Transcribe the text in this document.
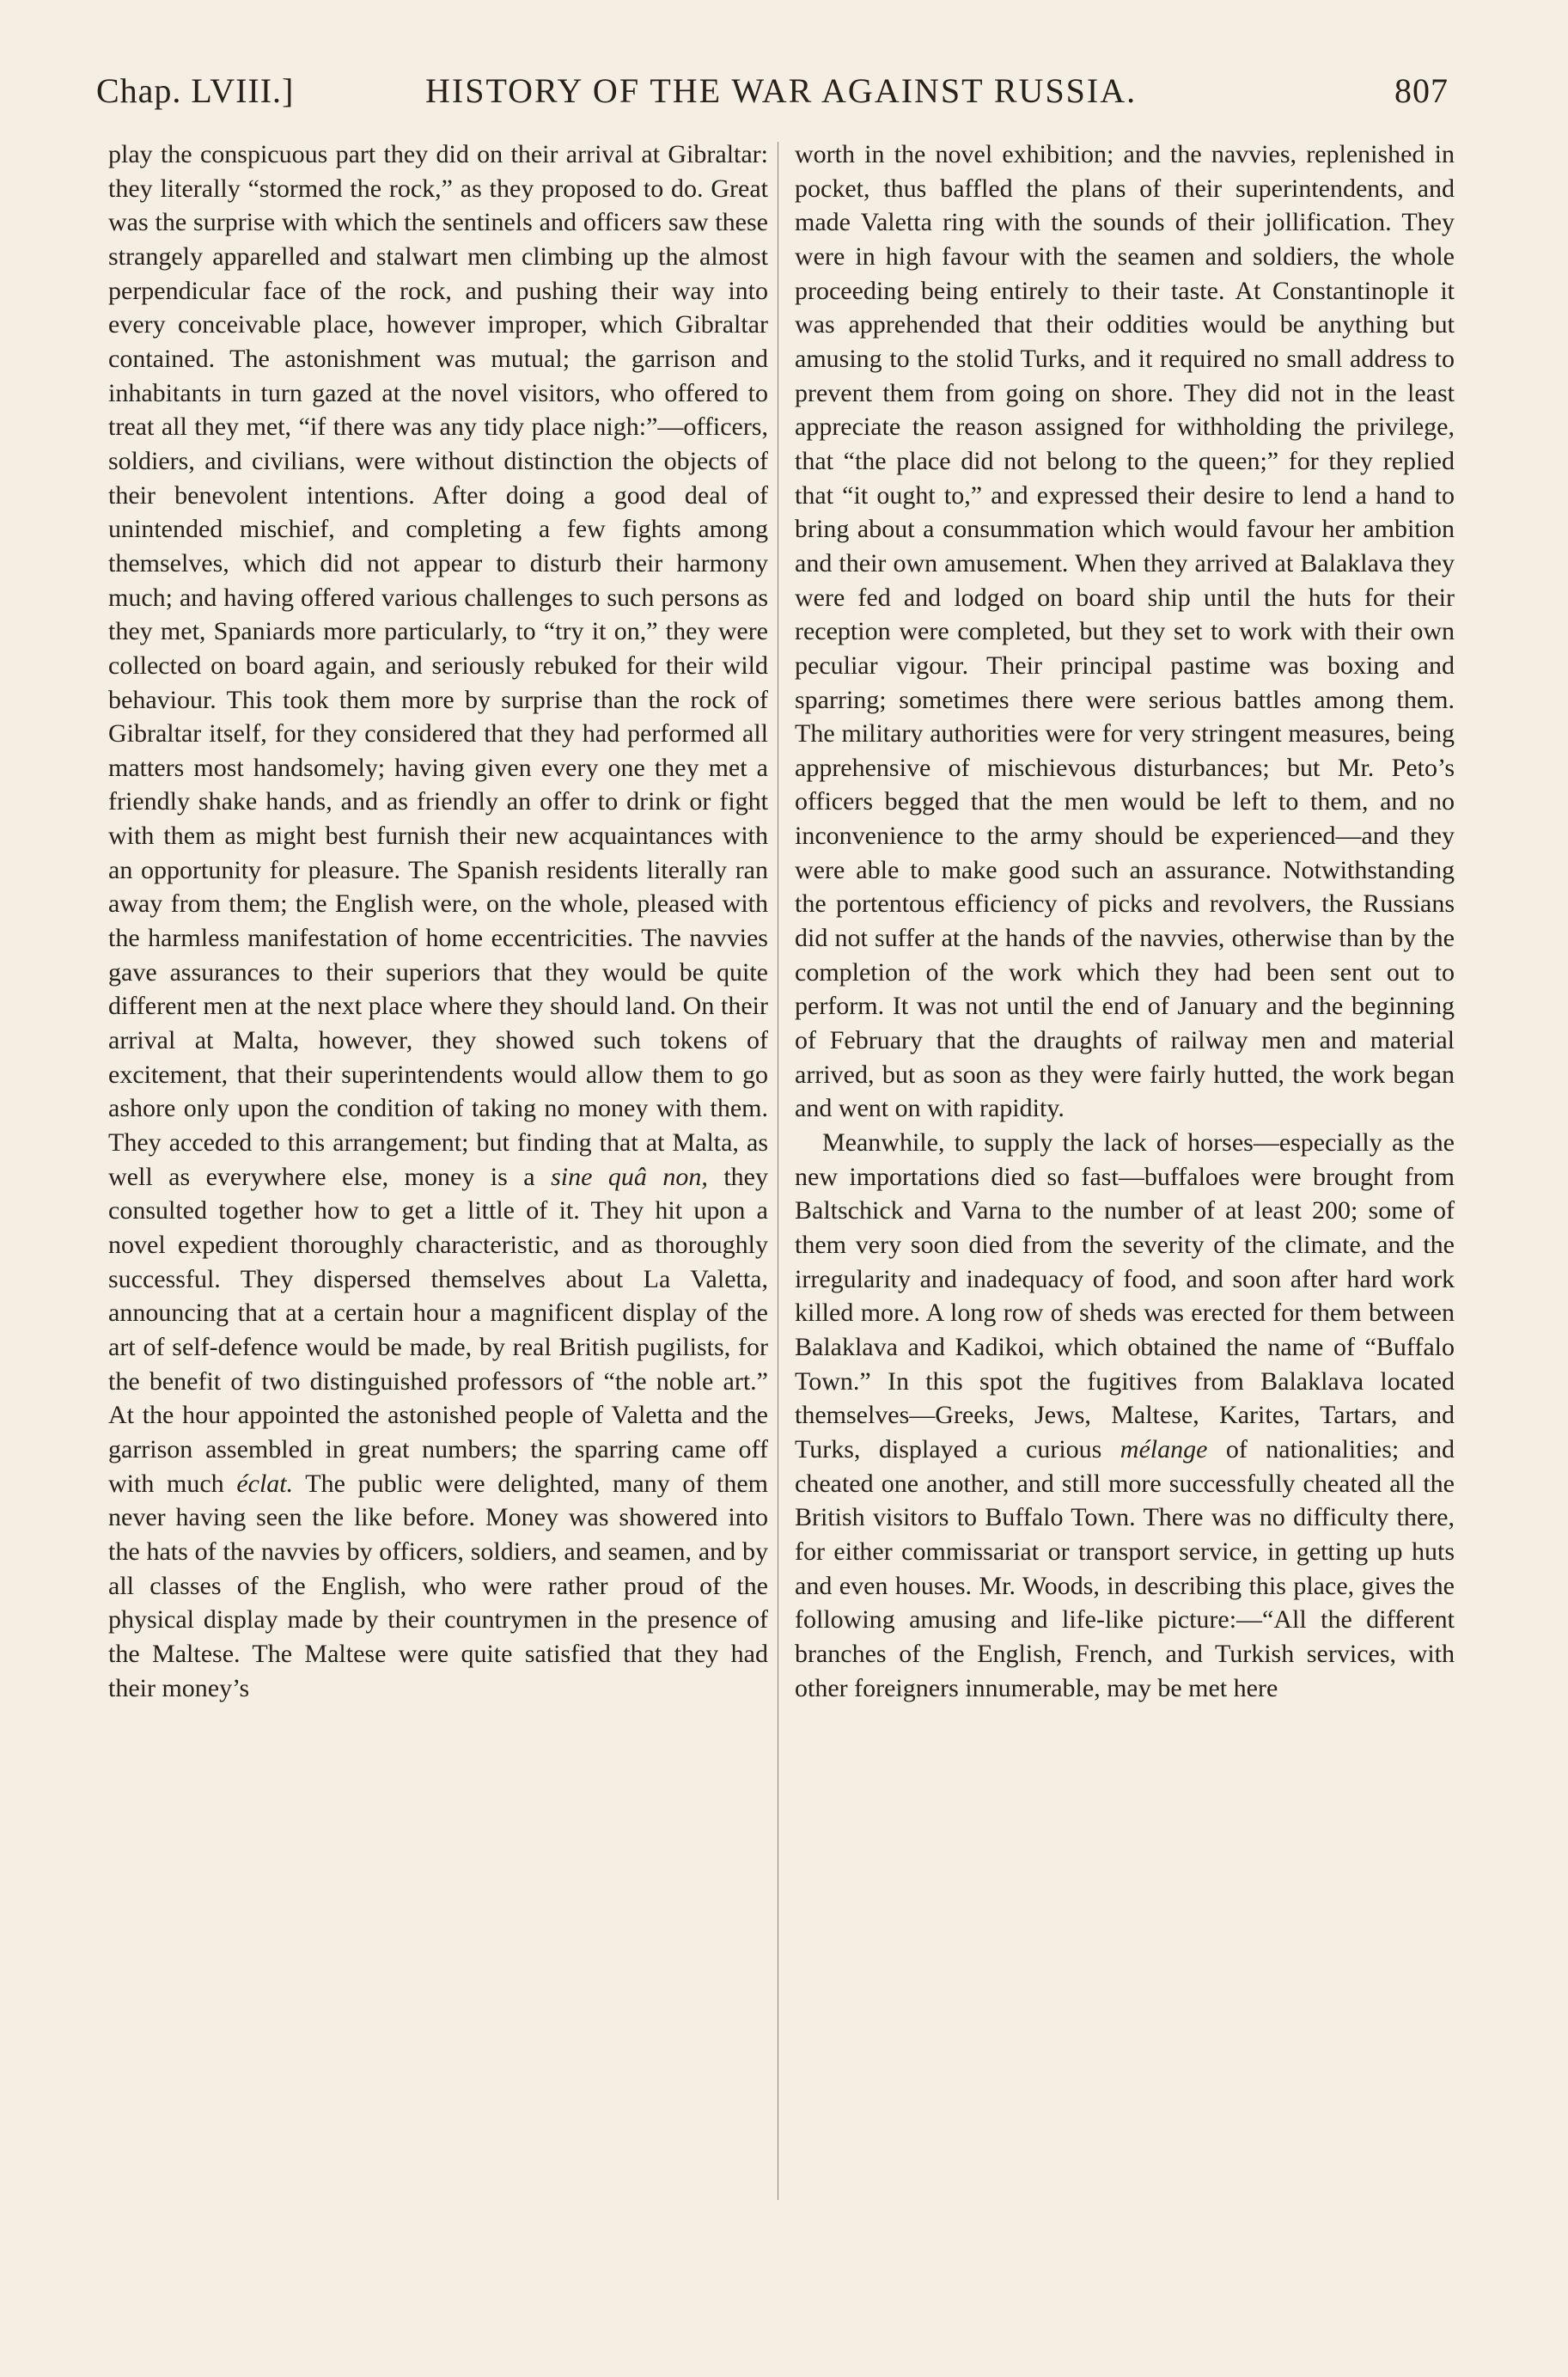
Chap. LVIII.]	HISTORY OF THE WAR AGAINST RUSSIA.	807

play the conspicuous part they did on their arrival at Gibraltar: they literally “stormed the rock,” as they proposed to do. Great was the surprise with which the sentinels and officers saw these strangely apparelled and stalwart men climbing up the almost perpendicular face of the rock, and pushing their way into every conceivable place, however improper, which Gibraltar contained. The astonishment was mutual; the garrison and inhabitants in turn gazed at the novel visitors, who offered to treat all they met, “if there was any tidy place nigh:”—officers, soldiers, and civilians, were without distinction the objects of their benevolent intentions. After doing a good deal of unintended mischief, and completing a few fights among themselves, which did not appear to disturb their harmony much; and having offered various challenges to such persons as they met, Spaniards more particularly, to “try it on,” they were collected on board again, and seriously rebuked for their wild behaviour. This took them more by surprise than the rock of Gibraltar itself, for they considered that they had performed all matters most handsomely; having given every one they met a friendly shake hands, and as friendly an offer to drink or fight with them as might best furnish their new acquaintances with an opportunity for pleasure. The Spanish residents literally ran away from them; the English were, on the whole, pleased with the harmless manifestation of home eccentricities. The navvies gave assurances to their superiors that they would be quite different men at the next place where they should land. On their arrival at Malta, however, they showed such tokens of excitement, that their superintendents would allow them to go ashore only upon the condition of taking no money with them. They acceded to this arrangement; but finding that at Malta, as well as everywhere else, money is a sine quâ non, they consulted together how to get a little of it. They hit upon a novel expedient thoroughly characteristic, and as thoroughly successful. They dispersed themselves about La Valetta, announcing that at a certain hour a magnificent display of the art of self-defence would be made, by real British pugilists, for the benefit of two distinguished professors of “the noble art.” At the hour appointed the astonished people of Valetta and the garrison assembled in great numbers; the sparring came off with much éclat. The public were delighted, many of them never having seen the like before. Money was showered into the hats of the navvies by officers, soldiers, and seamen, and by all classes of the English, who were rather proud of the physical display made by their countrymen in the presence of the Maltese. The Maltese were quite satisfied that they had their money’s

worth in the novel exhibition; and the navvies, replenished in pocket, thus baffled the plans of their superintendents, and made Valetta ring with the sounds of their jollification. They were in high favour with the seamen and soldiers, the whole proceeding being entirely to their taste. At Constantinople it was apprehended that their oddities would be anything but amusing to the stolid Turks, and it required no small address to prevent them from going on shore. They did not in the least appreciate the reason assigned for withholding the privilege, that “the place did not belong to the queen;” for they replied that “it ought to,” and expressed their desire to lend a hand to bring about a consummation which would favour her ambition and their own amusement. When they arrived at Balaklava they were fed and lodged on board ship until the huts for their reception were completed, but they set to work with their own peculiar vigour. Their principal pastime was boxing and sparring; sometimes there were serious battles among them. The military authorities were for very stringent measures, being apprehensive of mischievous disturbances; but Mr. Peto’s officers begged that the men would be left to them, and no inconvenience to the army should be experienced—and they were able to make good such an assurance. Notwithstanding the portentous efficiency of picks and revolvers, the Russians did not suffer at the hands of the navvies, otherwise than by the completion of the work which they had been sent out to perform. It was not until the end of January and the beginning of February that the draughts of railway men and material arrived, but as soon as they were fairly hutted, the work began and went on with rapidity.

Meanwhile, to supply the lack of horses—especially as the new importations died so fast—buffaloes were brought from Baltschick and Varna to the number of at least 200; some of them very soon died from the severity of the climate, and the irregularity and inadequacy of food, and soon after hard work killed more. A long row of sheds was erected for them between Balaklava and Kadikoi, which obtained the name of “Buffalo Town.” In this spot the fugitives from Balaklava located themselves—Greeks, Jews, Maltese, Karites, Tartars, and Turks, displayed a curious mélange of nationalities; and cheated one another, and still more successfully cheated all the British visitors to Buffalo Town. There was no difficulty there, for either commissariat or transport service, in getting up huts and even houses. Mr. Woods, in describing this place, gives the following amusing and life-like picture:—“All the different branches of the English, French, and Turkish services, with other foreigners innumerable, may be met here
